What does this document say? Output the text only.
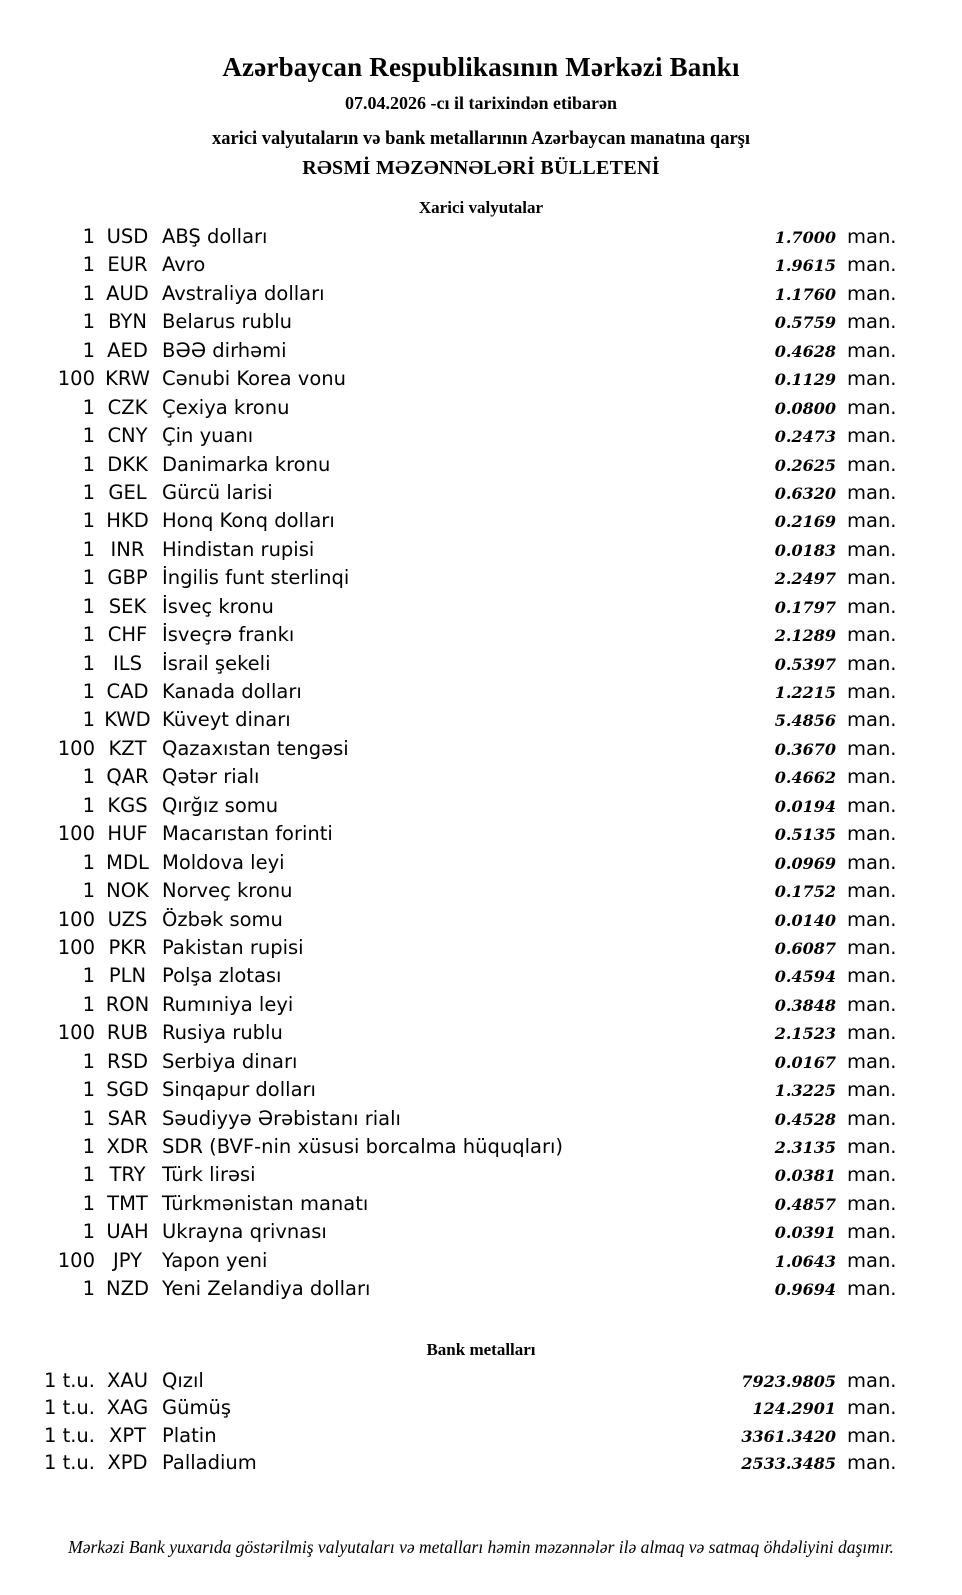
Azərbaycan Respublikasının Mərkəzi Bankı
07.04.2026 -cı il tarixindən etibarən
xarici valyutaların və bank metallarının Azərbaycan manatına qarşı
RƏSMİ MƏZƏNNƏLƏRİ BÜLLETENİ
Xarici valyutalar
1 USD ABŞ dolları	1.7000 man.
1 EUR Avro	1.9615 man.
1 AUD Avstraliya dolları	1.1760 man.
1 BYN Belarus rublu	0.5759 man.
1 AED BƏƏ dirhəmi	0.4628 man.
100 KRW Cənubi Korea vonu	0.1129 man.
1 CZK Çexiya kronu	0.0800 man.
1 CNY Çin yuanı	0.2473 man.
1 DKK Danimarka kronu	0.2625 man.
1 GEL Gürcü larisi	0.6320 man.
1 HKD Honq Konq dolları	0.2169 man.
1 INR Hindistan rupisi	0.0183 man.
1 GBP İngilis funt sterlinqi	2.2497 man.
1 SEK İsveç kronu	0.1797 man.
1 CHF İsveçrə frankı	2.1289 man.
1 ILS	İsrail şekeli	0.5397 man.
1 CAD Kanada dolları	1.2215 man.
1 KWD Küveyt dinarı	5.4856 man.
100 KZT Qazaxıstan tengəsi	0.3670 man.
1 QAR Qətər rialı	0.4662 man.
1 KGS Qırğız somu	0.0194 man.
100 HUF Macarıstan forinti	0.5135 man.
1 MDL Moldova leyi	0.0969 man.
1 NOK Norveç kronu	0.1752 man.
100 UZS Özbək somu	0.0140 man.
100 PKR Pakistan rupisi	0.6087 man.
1 PLN Polşa zlotası	0.4594 man.
1 RON Rumıniya leyi	0.3848 man.
100 RUB Rusiya rublu	2.1523 man.
1 RSD Serbiya dinarı	0.0167 man.
1 SGD Sinqapur dolları	1.3225 man.
1 SAR Səudiyyə Ərəbistanı rialı	0.4528 man.
1 XDR SDR (BVF-nin xüsusi borcalma hüquqları)	2.3135 man.
1 TRY Türk lirəsi	0.0381 man.
1 TMT Türkmənistan manatı	0.4857 man.
1 UAH Ukrayna qrivnası	0.0391 man.
100 JPY	Yapon yeni	1.0643 man.
1 NZD Yeni Zelandiya dolları	0.9694 man.
Bank metalları
1 t.u. XAU Qızıl	7923.9805 man.
1 t.u. XAG Gümüş	124.2901 man.
1 t.u. XPT Platin	3361.3420 man.
1 t.u. XPD Palladium	2533.3485 man.
Mərkəzi Bank yuxarıda göstərilmiş valyutaları və metalları həmin məzənnələr ilə almaq və satmaq öhdəliyini daşımır.
